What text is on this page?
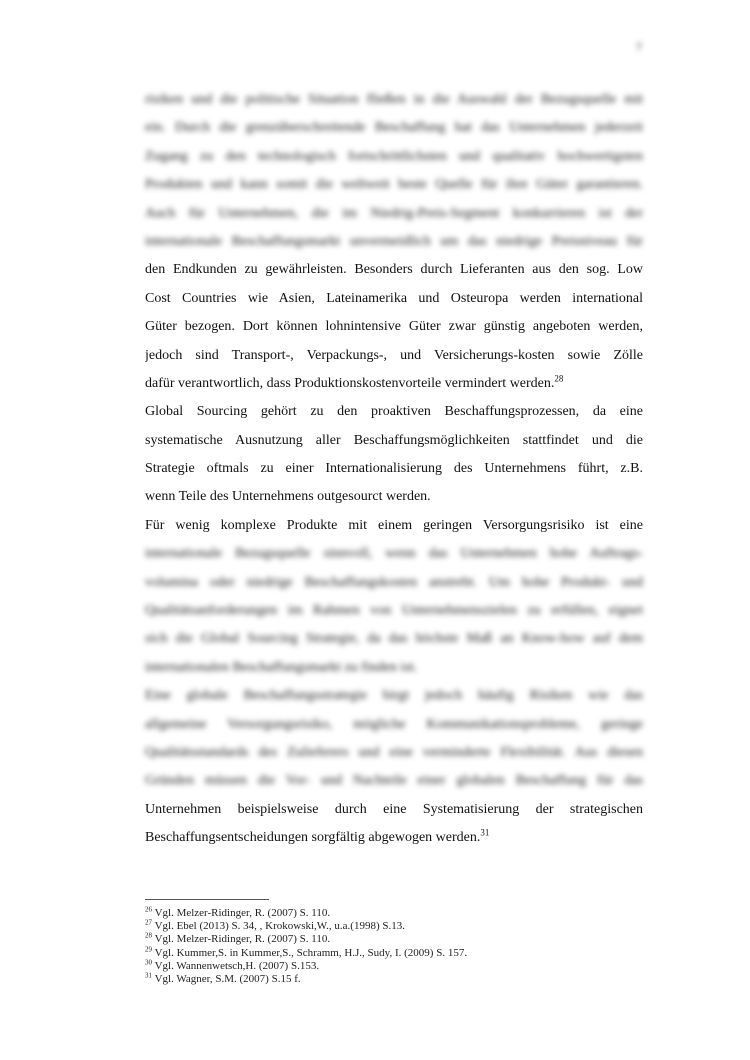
7
risiken und die politische Situation fließen in die Auswahl der Bezugsquelle mit
ein. Durch die grenzüberschreitende Beschaffung hat das Unternehmen jederzeit
Zugang zu den technologisch fortschrittlichsten und qualitativ hochwertigsten
Produkten und kann somit die weltweit beste Quelle für ihre Güter garantieren.
Auch für Unternehmen, die im Niedrig-Preis-Segment konkurrieren ist der
internationale Beschaffungsmarkt unvermeidlich um das niedrige Preisniveau für
den Endkunden zu gewährleisten. Besonders durch Lieferanten aus den sog. Low
Cost Countries wie Asien, Lateinamerika und Osteuropa werden international
Güter bezogen. Dort können lohnintensive Güter zwar günstig angeboten werden,
jedoch sind Transport-, Verpackungs-, und Versicherungs-kosten sowie Zölle
dafür verantwortlich, dass Produktionskostenvorteile vermindert werden.$^{28}$
Global Sourcing gehört zu den proaktiven Beschaffungsprozessen, da eine
systematische Ausnutzung aller Beschaffungsmöglichkeiten stattfindet und die
Strategie oftmals zu einer Internationalisierung des Unternehmens führt, z.B.
wenn Teile des Unternehmens outgesourct werden.
Für wenig komplexe Produkte mit einem geringen Versorgungsrisiko ist eine
internationale Bezugsquelle sinnvoll, wenn das Unternehmen hohe Auftrags-
volumina oder niedrige Beschaffungskosten anstrebt. Um hohe Produkt- und
Qualitätsanforderungen im Rahmen von Unternehmenszielen zu erfüllen, eignet
sich die Global Sourcing Strategie, da das höchste Maß an Know-how auf dem
internationalen Beschaffungsmarkt zu finden ist.
Eine globale Beschaffungsstrategie birgt jedoch häufig Risiken wie das
allgemeine Versorgungsrisiko, mögliche Kommunikationsprobleme, geringe
Qualitätsstandards des Zulieferers und eine verminderte Flexibilität. Aus diesen
Gründen müssen die Vor- und Nachteile einer globalen Beschaffung für das
Unternehmen beispielsweise durch eine Systematisierung der strategischen
Beschaffungsentscheidungen sorgfältig abgewogen werden.$^{31}$
$^{26}$ Vgl. Melzer-Ridinger, R. (2007) S. 110.
$^{27}$ Vgl. Ebel (2013) S. 34, , Krokowski,W., u.a.(1998) S.13.
$^{28}$ Vgl. Melzer-Ridinger, R. (2007) S. 110.
$^{29}$ Vgl. Kummer,S. in Kummer,S., Schramm, H.J., Sudy, I. (2009) S. 157.
$^{30}$ Vgl. Wannenwetsch,H. (2007) S.153.
$^{31}$ Vgl. Wagner, S.M. (2007) S.15 f.
